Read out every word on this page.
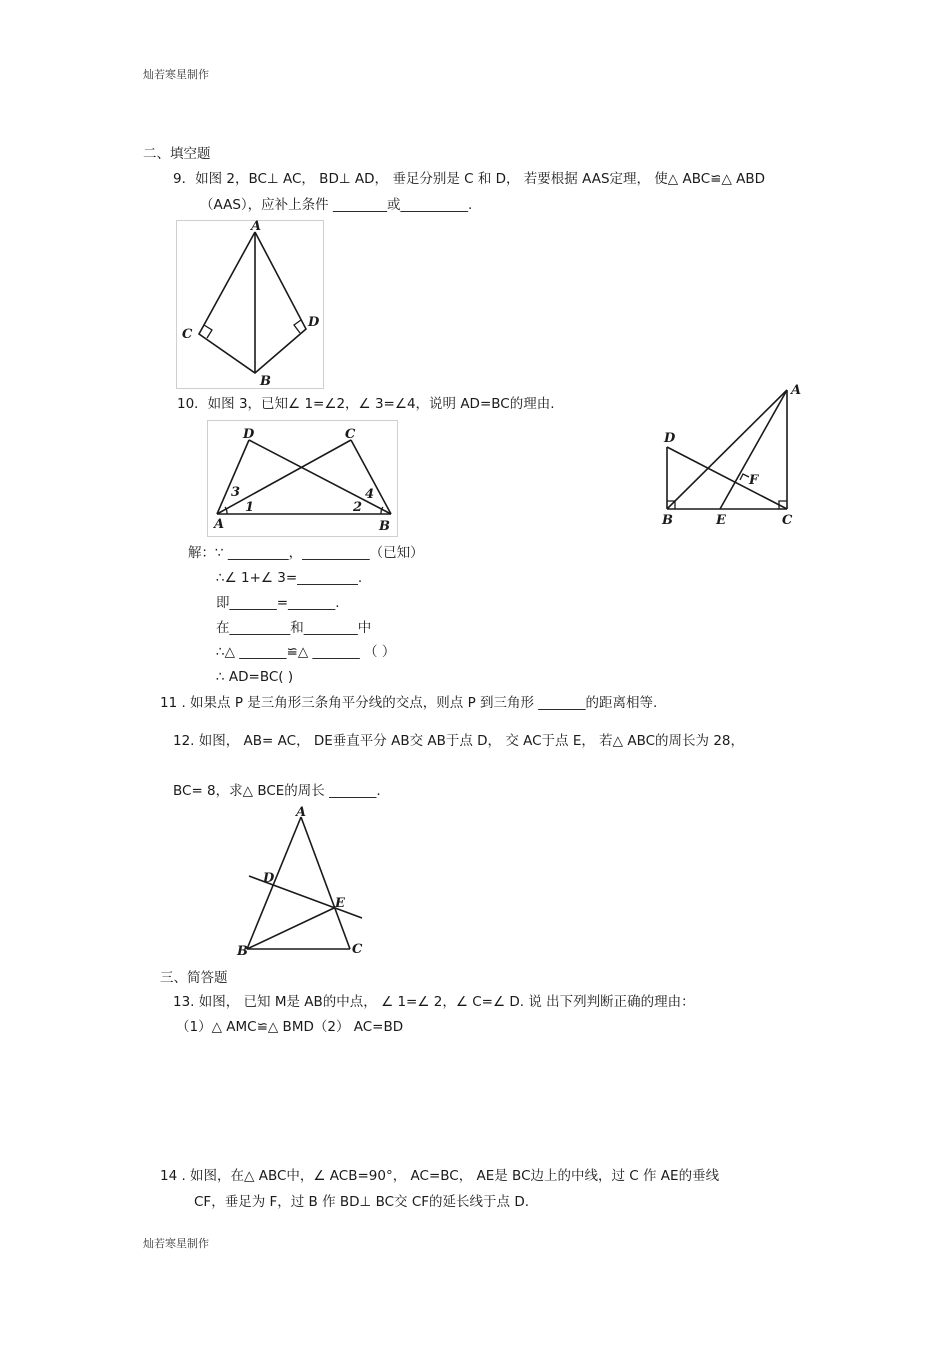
灿若寒星制作
灿若寒星制作
二、填空题
9．如图 2，BC⊥ AC， BD⊥ AD， 垂足分别是 C 和 D， 若要根据 AAS定理， 使△ ABC≌△ ABD
（AAS），应补上条件 ________或__________.
A
B
C
D
10．如图 3，已知∠ 1=∠2，∠ 3=∠4，说明 AD=BC的理由.
D	C
A	B
3
1
4
2
A
D
F
B	E	C
解：∵ _________，__________（已知）
∴∠ 1+∠ 3=_________.
即_______=_______.
在_________和________中
∴△ _______≌△ _______ （ ）
∴ AD=BC( )
11 . 如果点 P 是三角形三条角平分线的交点，则点 P 到三角形 _______的距离相等.
12. 如图， AB= AC， DE垂直平分 AB交 AB于点 D， 交 AC于点 E， 若△ ABC的周长为 28，
BC= 8，求△ BCE的周长 _______.
A
D
E
B	C
三、简答题
13. 如图， 已知 M是 AB的中点， ∠ 1=∠ 2，∠ C=∠ D. 说 出下列判断正确的理由：
（1）△ AMC≌△ BMD（2） AC=BD
14 . 如图，在△ ABC中，∠ ACB=90°， AC=BC， AE是 BC边上的中线，过 C 作 AE的垂线
CF，垂足为 F，过 B 作 BD⊥ BC交 CF的延长线于点 D.
